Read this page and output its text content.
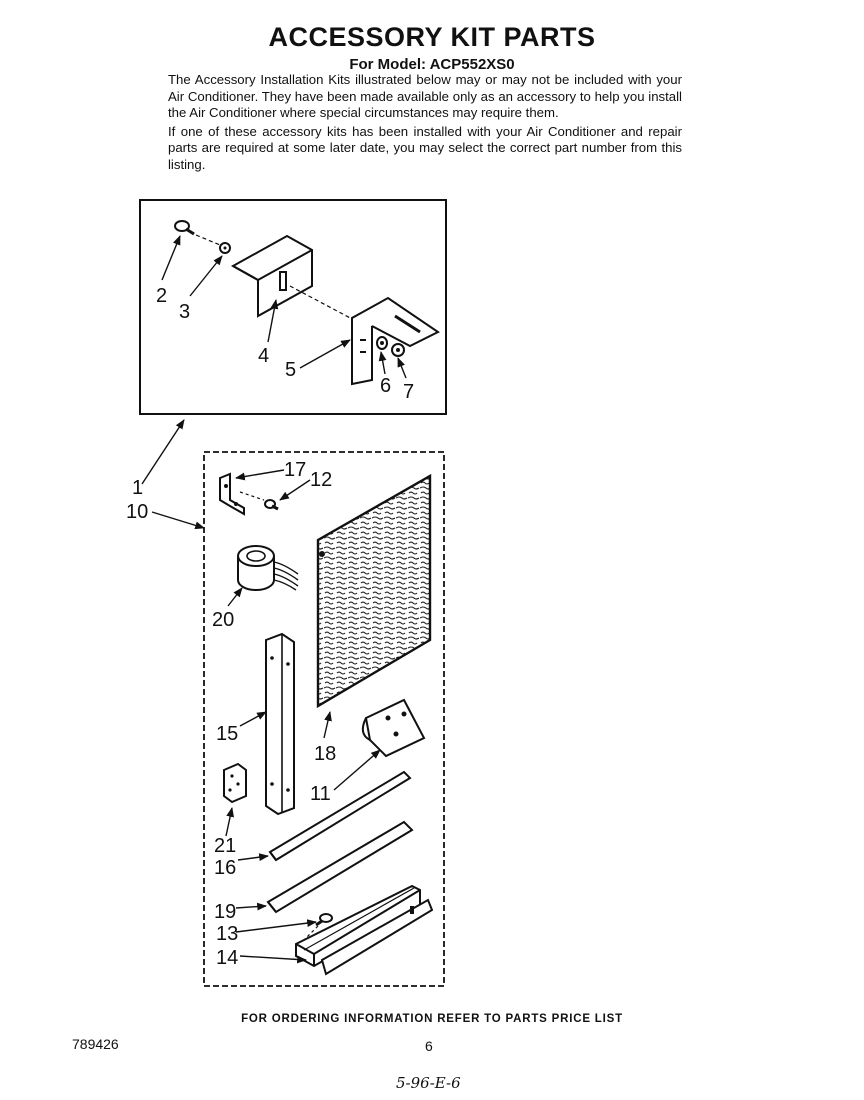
ACCESSORY KIT PARTS
For Model: ACP552XS0

The Accessory Installation Kits illustrated below may or may not be included with your Air Conditioner. They have been made available only as an accessory to help you install the Air Conditioner where special circumstances may require them.

If one of these accessory kits has been installed with your Air Conditioner and repair parts are required at some later date, you may select the correct part number from this listing.

2
3
4
5
6 7
1
10
17 12
20
18
15
11
21
16
19
13
14
FOR ORDERING INFORMATION REFER TO PARTS PRICE LIST
789426	6
5-96-E-6
